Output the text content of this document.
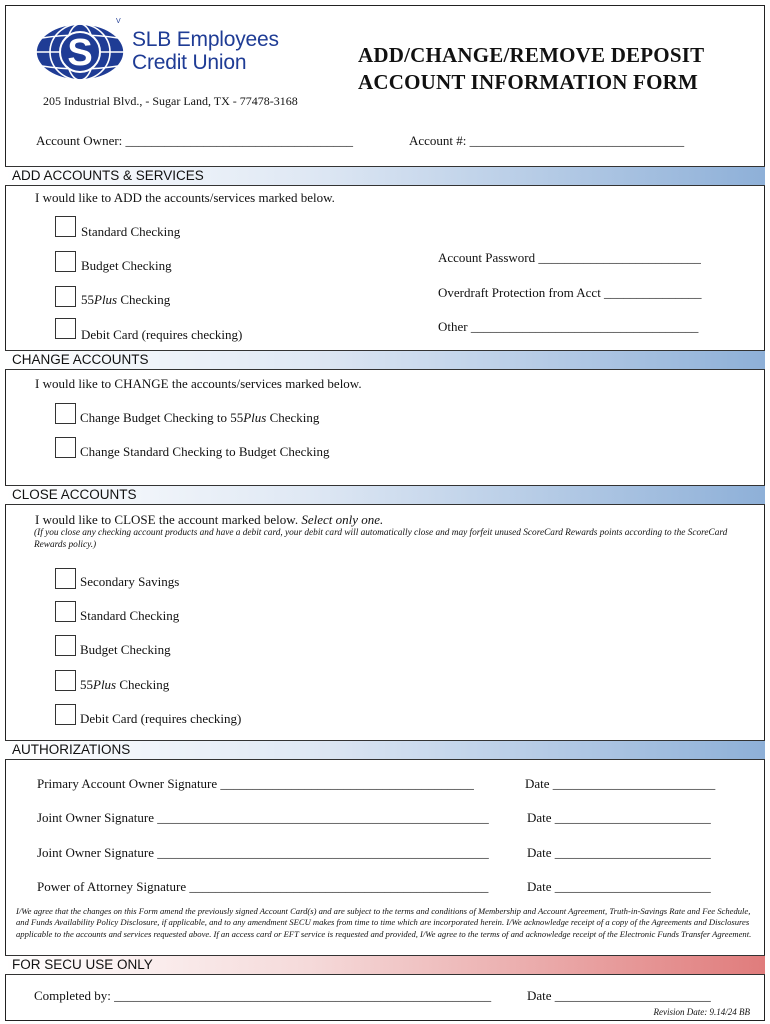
S
V
SLB Employees
Credit Union	ADD/CHANGE/REMOVE DEPOSIT
ACCOUNT INFORMATION FORM
205 Industrial Blvd., - Sugar Land, TX - 77478-3168
Account Owner: ___________________________________	Account #: _________________________________
ADD ACCOUNTS & SERVICES
I would like to ADD the accounts/services marked below.
Standard Checking
Budget Checking
55Plus Checking
Debit Card (requires checking)
Account Password _________________________
Overdraft Protection from Acct _______________
Other ___________________________________
CHANGE ACCOUNTS
I would like to CHANGE the accounts/services marked below.
Change Budget Checking to 55Plus Checking
Change Standard Checking to Budget Checking
CLOSE ACCOUNTS
I would like to CLOSE the account marked below. Select only one.
(If you close any checking account products and have a debit card, your debit card will automatically close and may forfeit unused ScoreCard Rewards points according to the ScoreCard Rewards policy.)
Secondary Savings
Standard Checking
Budget Checking
55Plus Checking
Debit Card (requires checking)
AUTHORIZATIONS
Primary Account Owner Signature _______________________________________	Date _________________________
Joint Owner Signature ___________________________________________________	Date ________________________
Joint Owner Signature ___________________________________________________	Date ________________________
Power of Attorney Signature ______________________________________________	Date ________________________
I/We agree that the changes on this Form amend the previously signed Account Card(s) and are subject to the terms and conditions of Membership and Account Agreement, Truth-in-Savings Rate and Fee Schedule, and Funds Availability Policy Disclosure, if applicable, and to any amendment SECU makes from time to time which are incorporated herein. I/We acknowledge receipt of a copy of the Agreements and Disclosures applicable to the accounts and services requested above. If an access card or EFT service is requested and provided, I/We agree to the terms of and acknowledge receipt of the Electronic Funds Transfer Agreement.
FOR SECU USE ONLY
Completed by: __________________________________________________________	Date ________________________
Revision Date: 9.14/24 BB
